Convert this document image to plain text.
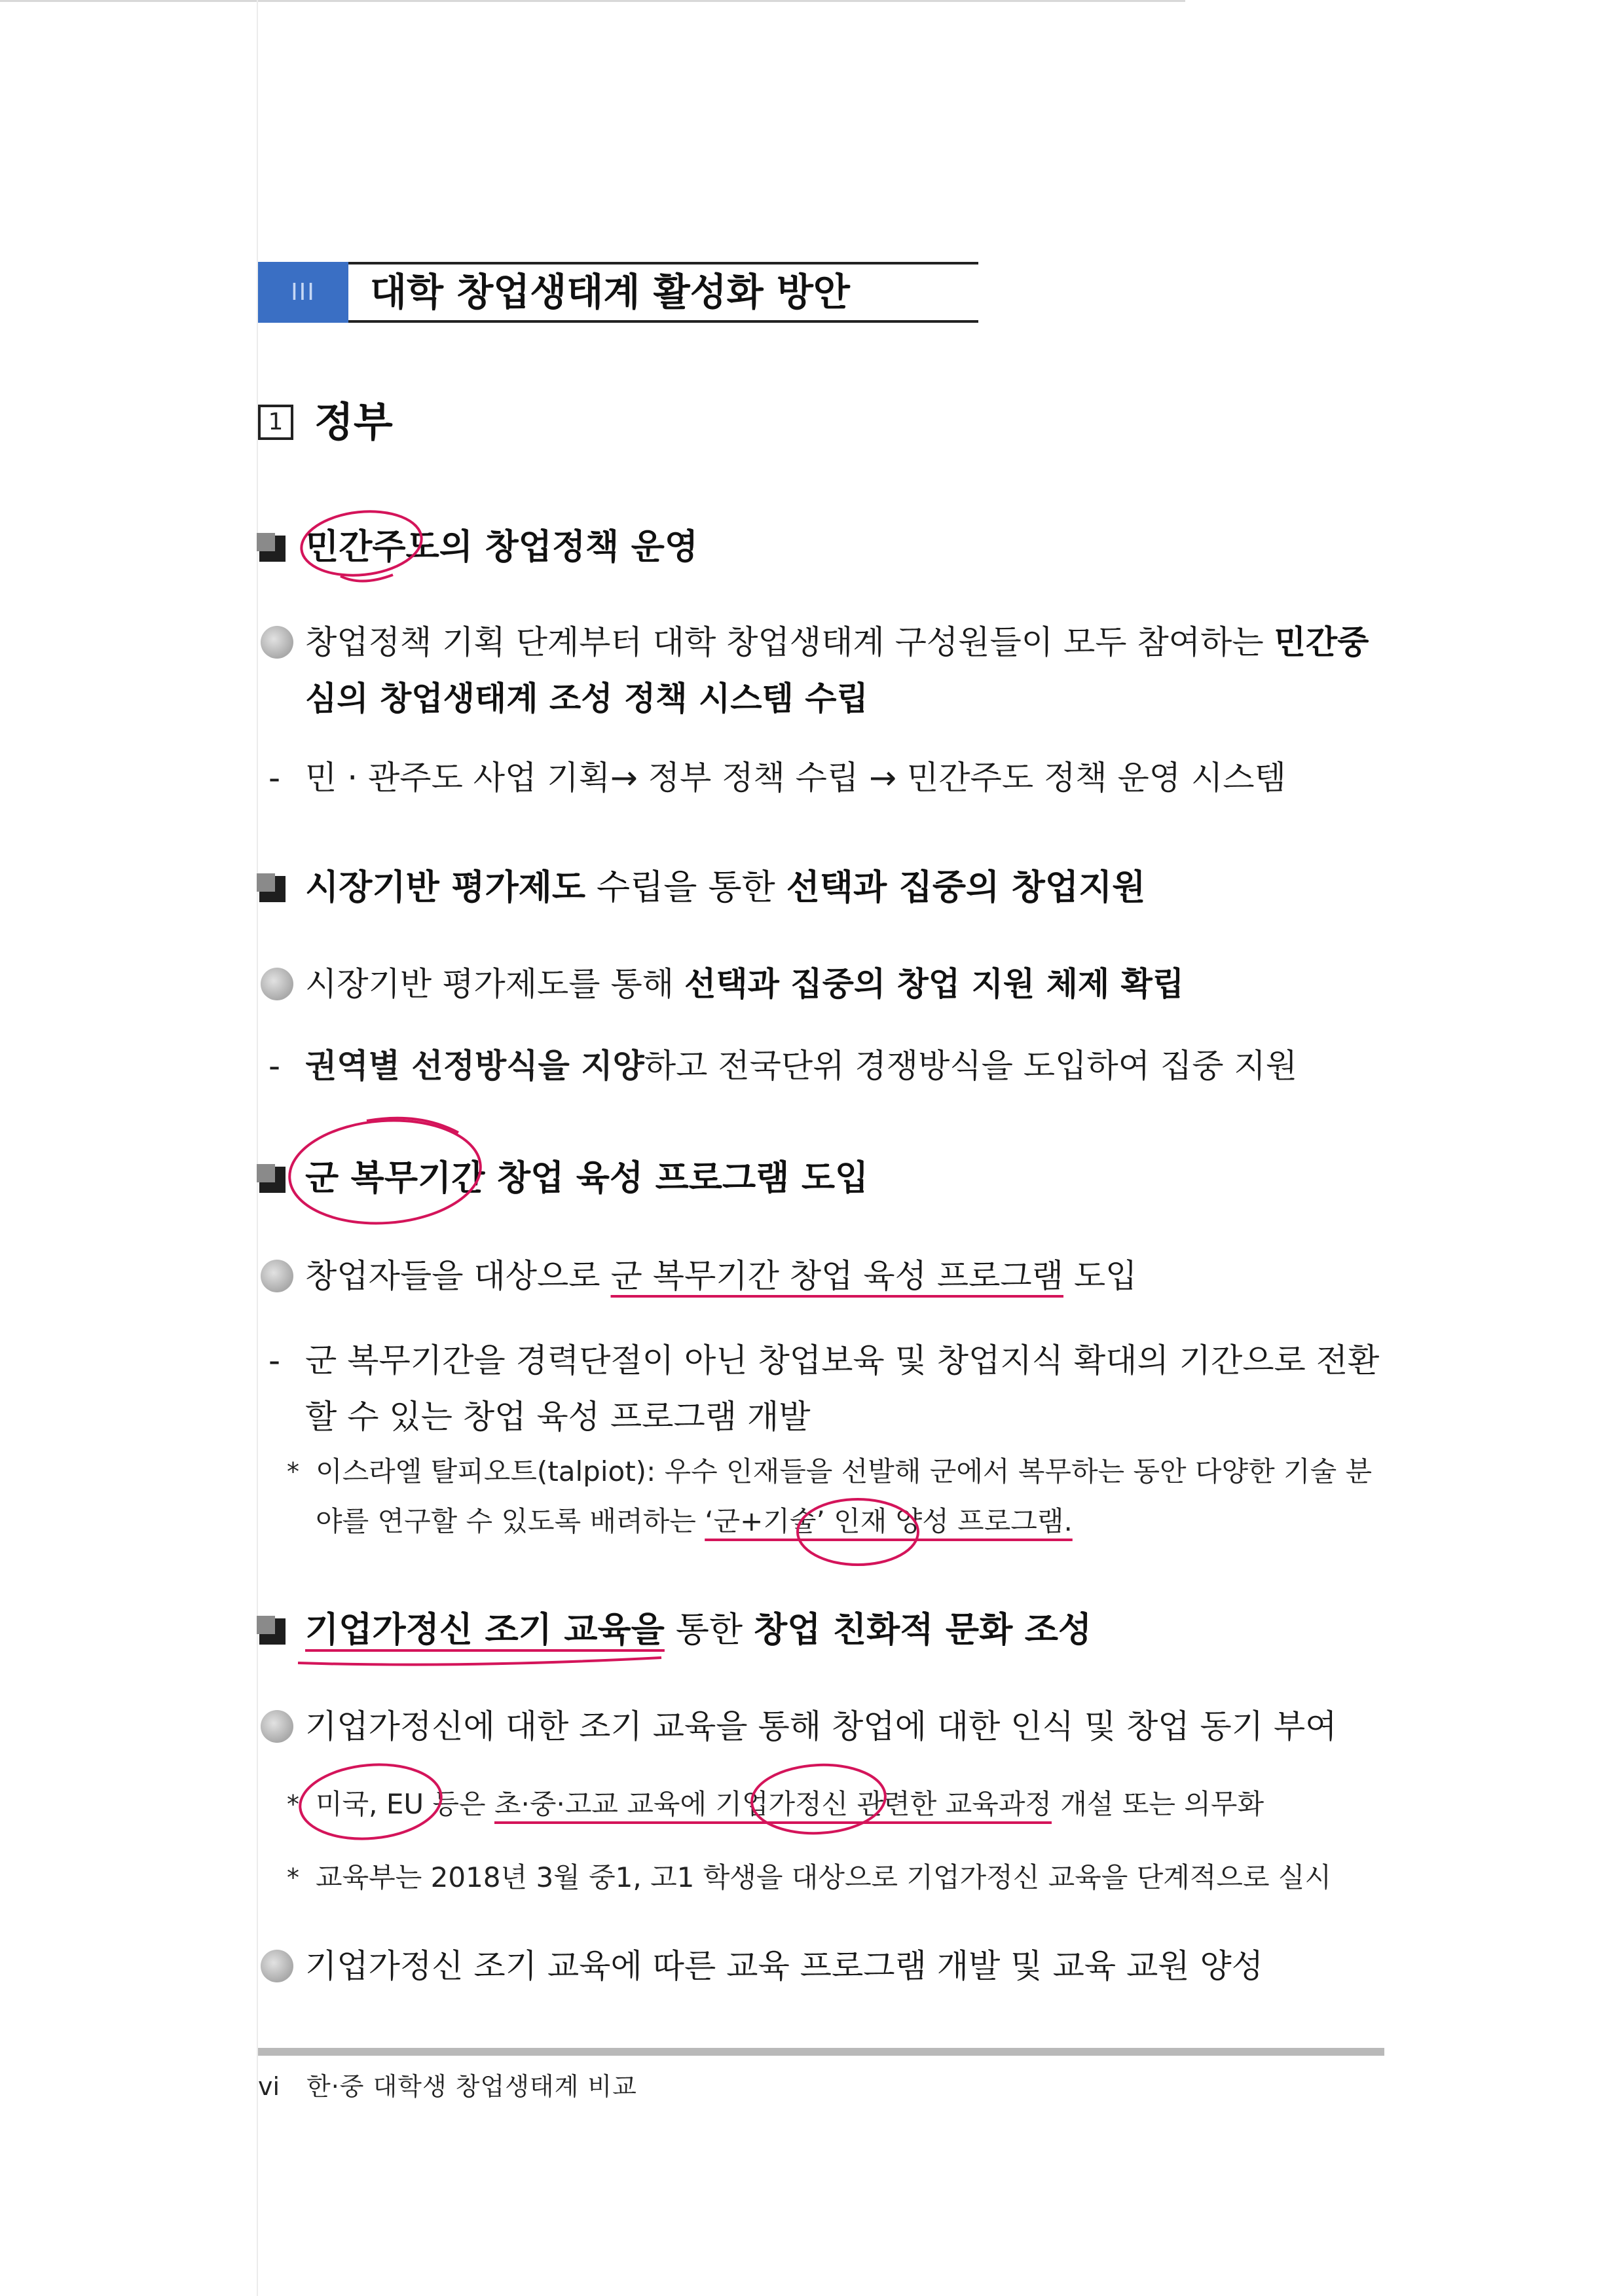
III	대학 창업생태계 활성화 방안
1 정부
민간주도의 창업정책 운영
창업정책 기획 단계부터 대학 창업생태계 구성원들이 모두 참여하는 민간중심의 창업생태계 조성 정책 시스템 수립
- 민 · 관주도 사업 기획→ 정부 정책 수립 → 민간주도 정책 운영 시스템
시장기반 평가제도 수립을 통한 선택과 집중의 창업지원
시장기반 평가제도를 통해 선택과 집중의 창업 지원 체제 확립
- 권역별 선정방식을 지양하고 전국단위 경쟁방식을 도입하여 집중 지원
군 복무기간 창업 육성 프로그램 도입
창업자들을 대상으로 군 복무기간 창업 육성 프로그램 도입
- 군 복무기간을 경력단절이 아닌 창업보육 및 창업지식 확대의 기간으로 전환할 수 있는 창업 육성 프로그램 개발
* 이스라엘 탈피오트(talpiot): 우수 인재들을 선발해 군에서 복무하는 동안 다양한 기술 분야를 연구할 수 있도록 배려하는 ‘군+기술’ 인재 양성 프로그램.
기업가정신 조기 교육을 통한 창업 친화적 문화 조성
기업가정신에 대한 조기 교육을 통해 창업에 대한 인식 및 창업 동기 부여
* 미국, EU 등은 초·중·고교 교육에 기업가정신 관련한 교육과정 개설 또는 의무화
* 교육부는 2018년 3월 중1, 고1 학생을 대상으로 기업가정신 교육을 단계적으로 실시
기업가정신 조기 교육에 따른 교육 프로그램 개발 및 교육 교원 양성
vi 한·중 대학생 창업생태계 비교
